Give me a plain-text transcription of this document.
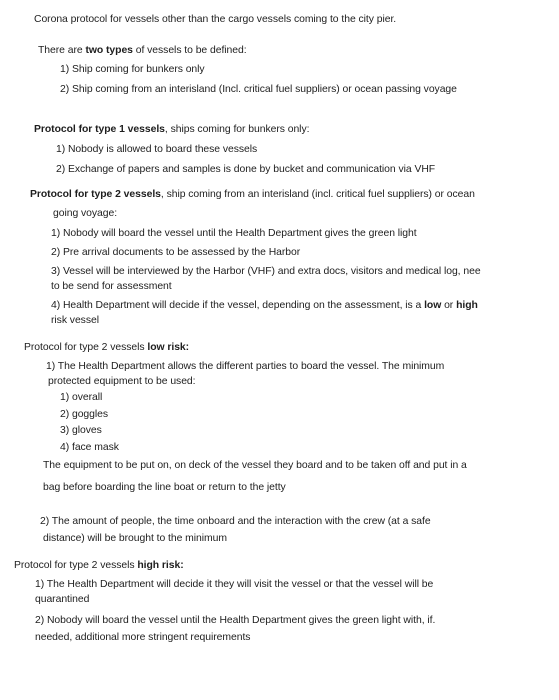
Corona protocol for vessels other than the cargo vessels coming to the city pier.
There are two types of vessels to be defined:
1) Ship coming for bunkers only
2) Ship coming from an interisland (Incl. critical fuel suppliers) or ocean passing voyage
Protocol for type 1 vessels, ships coming for bunkers only:
1) Nobody is allowed to board these vessels
2) Exchange of papers and samples is done by bucket and communication via VHF
Protocol for type 2 vessels, ship coming from an interisland (incl. critical fuel suppliers) or ocean
going voyage:
1) Nobody will board the vessel until the Health Department gives the green light
2) Pre arrival documents to be assessed by the Harbor
3) Vessel will be interviewed by the Harbor (VHF) and extra docs, visitors and medical log, nee
to be send for assessment
4) Health Department will decide if the vessel, depending on the assessment, is a low or high
risk vessel
Protocol for type 2 vessels low risk:
1) The Health Department allows the different parties to board the vessel. The minimum
protected equipment to be used:
1) overall
2) goggles
3) gloves
4) face mask
The equipment to be put on, on deck of the vessel they board and to be taken off and put in a
bag before boarding the line boat or return to the jetty
2) The amount of people, the time onboard and the interaction with the crew (at a safe
distance) will be brought to the minimum
Protocol for type 2 vessels high risk:
1) The Health Department will decide it they will visit the vessel or that the vessel will be
quarantined
2) Nobody will board the vessel until the Health Department gives the green light with, if.
needed, additional more stringent requirements
